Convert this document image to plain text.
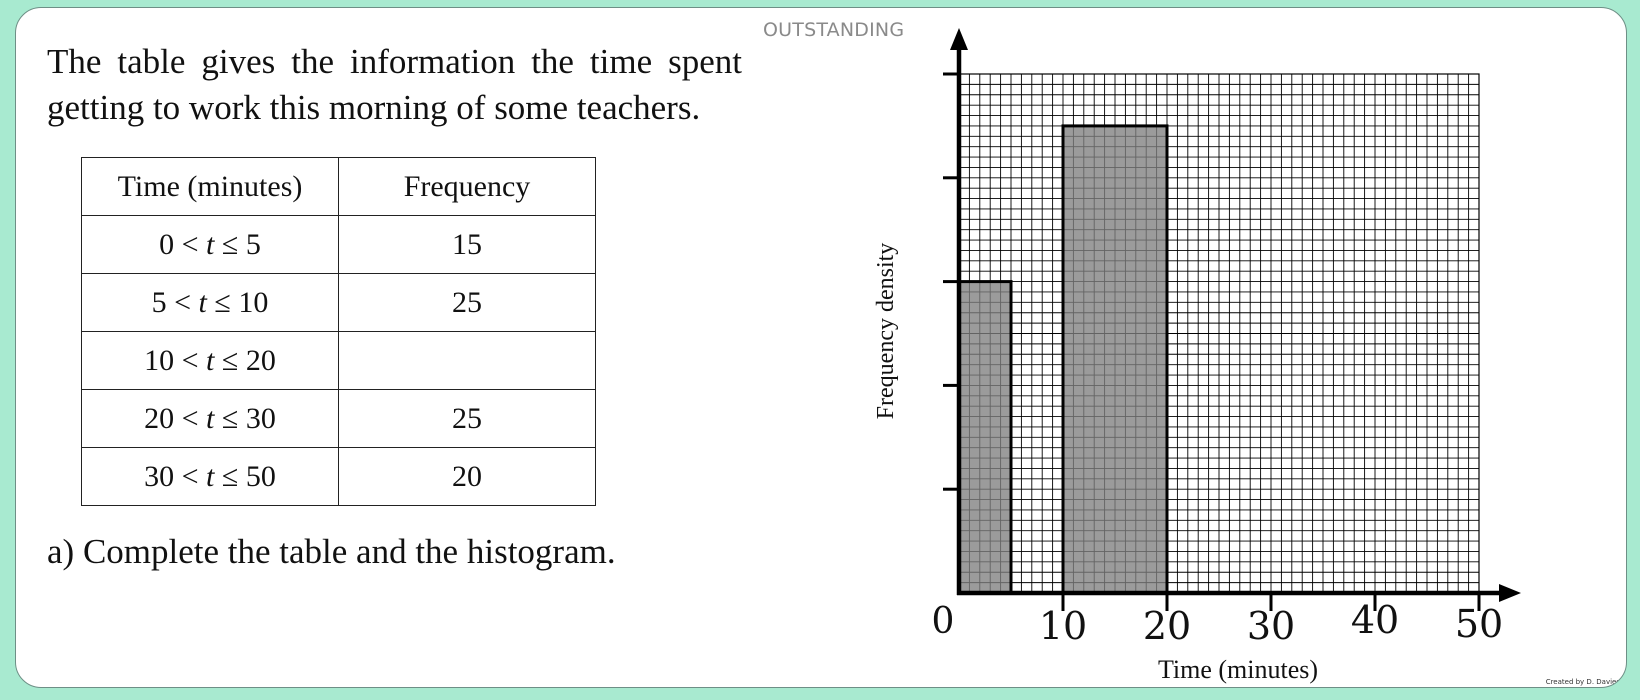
OUTSTANDING
The table gives the information the time spent getting to work this morning of some teachers.
Time (minutes)	Frequency
0 < t ≤ 5	15
5 < t ≤ 10	25
10 < t ≤ 20	
20 < t ≤ 30	25
30 < t ≤ 50	20
a) Complete the table and the histogram.
0 10 20 30 40 50
Time (minutes)
Frequency density
Created by D. Davies
